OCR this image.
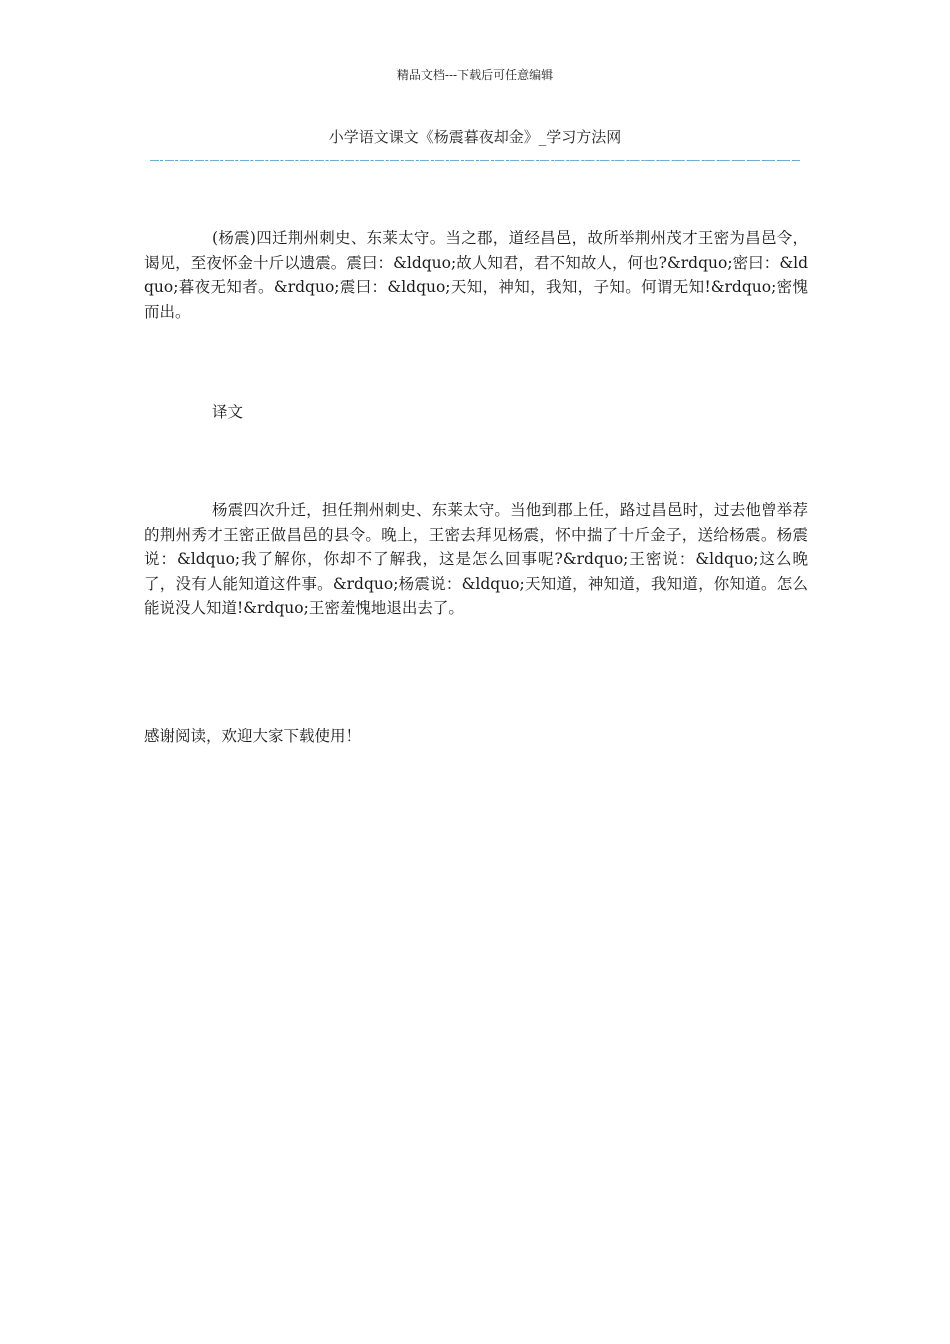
精品文档---下载后可任意编辑
小学语文课文《杨震暮夜却金》_学习方法网

(杨震)四迁荆州刺史、东莱太守。当之郡，道经昌邑，故所举荆州茂才王密为昌邑令，谒见，至夜怀金十斤以遗震。震曰：&ldquo;故人知君，君不知故人，何也?&rdquo;密曰：&ldquo;暮夜无知者。&rdquo;震曰：&ldquo;天知，神知，我知，子知。何谓无知!&rdquo;密愧而出。

译文

杨震四次升迁，担任荆州刺史、东莱太守。当他到郡上任，路过昌邑时，过去他曾举荐的荆州秀才王密正做昌邑的县令。晚上，王密去拜见杨震，怀中揣了十斤金子，送给杨震。杨震说：&ldquo;我了解你，你却不了解我，这是怎么回事呢?&rdquo;王密说：&ldquo;这么晚了，没有人能知道这件事。&rdquo;杨震说：&ldquo;天知道，神知道，我知道，你知道。怎么能说没人知道!&rdquo;王密羞愧地退出去了。

感谢阅读，欢迎大家下载使用！
